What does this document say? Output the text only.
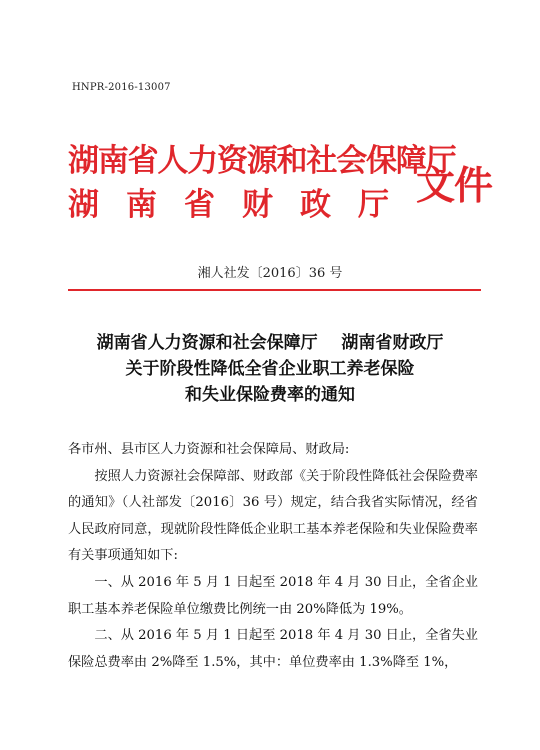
HNPR-2016-13007
湖南省人力资源和社会保障厅
湖南省财政厅 文件
湘人社发〔2016〕36 号
湖南省人力资源和社会保障厅    湖南省财政厅
关于阶段性降低全省企业职工养老保险
和失业保险费率的通知

各市州、县市区人力资源和社会保障局、财政局:

按照人力资源社会保障部、财政部《关于阶段性降低社会保险费率的通知》（人社部发〔2016〕36 号）规定，结合我省实际情况，经省人民政府同意，现就阶段性降低企业职工基本养老保险和失业保险费率有关事项通知如下:

一、从 2016 年 5 月 1 日起至 2018 年 4 月 30 日止，全省企业职工基本养老保险单位缴费比例统一由 20%降低为 19%。

二、从 2016 年 5 月 1 日起至 2018 年 4 月 30 日止，全省失业保险总费率由 2%降至 1.5%，其中：单位费率由 1.3%降至 1%，
